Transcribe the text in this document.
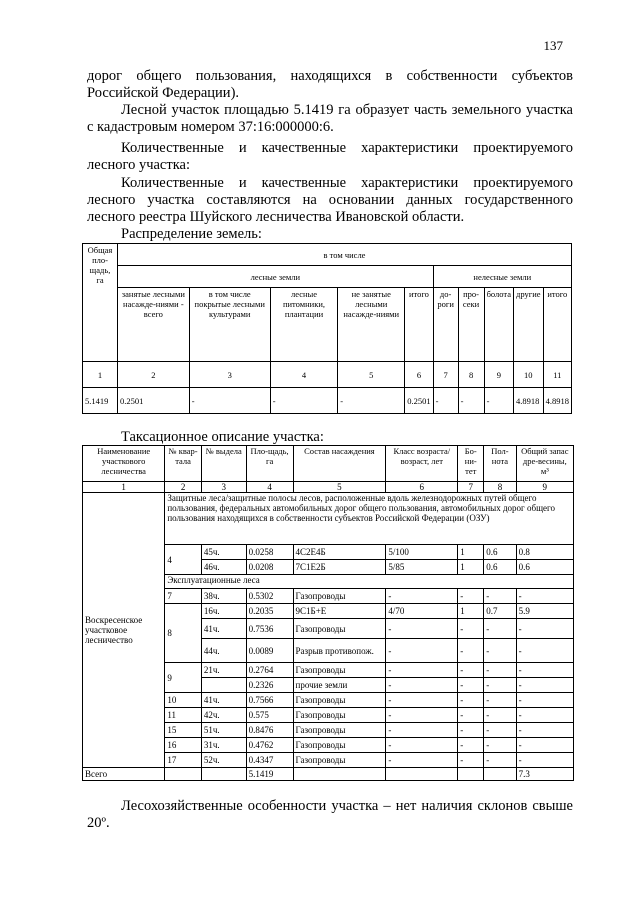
137

дорог общего пользования, находящихся в собственности субъектов Российской Федерации).

Лесной участок площадью 5.1419 га образует часть земельного участка с кадастровым номером 37:16:000000:6.

Количественные и качественные характеристики проектируемого лесного участка:

Количественные и качественные характеристики проектируемого лесного участка составляются на основании данных государственного лесного реестра Шуйского лесничества Ивановской области.

Распределение земель:

Общая пло-щадь, га	в том числе									
	лесные земли					нелесные земли				
	занятые лесными насажде-ниями - всего	в том числе покрытые лесными культурами	лесные питомники, плантации	не занятые лесными насажде-ниями	итого	до-роги	про-секи	болота	другие	итого
1	2	3	4	5	6	7	8	9	10	11
5.1419	0.2501	-	-	-	0.2501	-	-	-	4.8918	4.8918

Таксационное описание участка:

Наименование участкового лесничества	№ квар-тала	№ выдела	Пло-щадь, га	Состав насаждения	Класс возраста/ возраст, лет	Бо-ни-тет	Пол-нота	Общий запас дре-весины, м³
1	2	3	4	5	6	7	8	9
Воскресенское участковое лесничество	Защитные леса/защитные полосы лесов, расположенные вдоль железнодорожных путей общего пользования, федеральных автомобильных дорог общего пользования, автомобильных дорог общего пользования находящихся в собственности субъектов Российской Федерации (ОЗУ)							
	4	45ч.	0.0258	4С2Е4Б	5/100	1	0.6	0.8
		46ч.	0.0208	7С1Е2Б	5/85	1	0.6	0.6
	Эксплуатационные леса							
	7	38ч.	0.5302	Газопроводы	-	-	-	-
	8	16ч.	0.2035	9С1Б+Е	4/70	1	0.7	5.9
		41ч.	0.7536	Газопроводы	-	-	-	-
		44ч.	0.0089	Разрыв противопож.	-	-	-	-
	9	21ч.	0.2764	Газопроводы	-	-	-	-
			0.2326	прочие земли	-	-	-	-
	10	41ч.	0.7566	Газопроводы	-	-	-	-
	11	42ч.	0.575	Газопроводы	-	-	-	-
	15	51ч.	0.8476	Газопроводы	-	-	-	-
	16	31ч.	0.4762	Газопроводы	-	-	-	-
	17	52ч.	0.4347	Газопроводы	-	-	-	-
Всего			5.1419					7.3

Лесохозяйственные особенности участка – нет наличия склонов свыше 20º.
